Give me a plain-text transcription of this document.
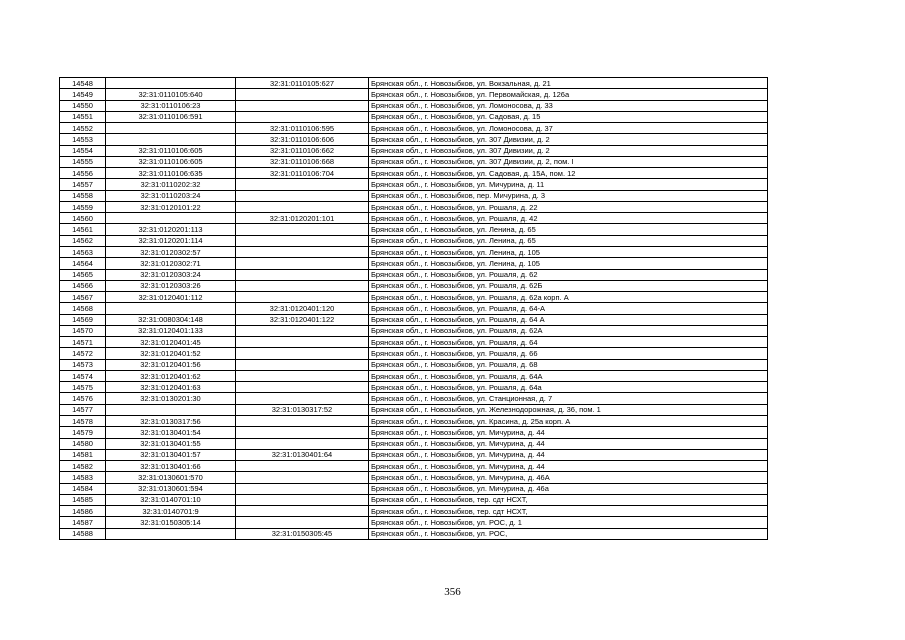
14548		32:31:0110105:627	Брянская обл., г. Новозыбков, ул. Вокзальная, д. 21
14549	32:31:0110105:640		Брянская обл., г. Новозыбков, ул. Первомайская, д. 126а
14550	32:31:0110106:23		Брянская обл., г. Новозыбков, ул. Ломоносова, д. 33
14551	32:31:0110106:591		Брянская обл., г. Новозыбков, ул. Садовая, д. 15
14552		32:31:0110106:595	Брянская обл., г. Новозыбков, ул. Ломоносова, д. 37
14553		32:31:0110106:606	Брянская обл., г. Новозыбков, ул. 307 Дивизии, д. 2
14554	32:31:0110106:605	32:31:0110106:662	Брянская обл., г. Новозыбков, ул. 307 Дивизии, д. 2
14555	32:31:0110106:605	32:31:0110106:668	Брянская обл., г. Новозыбков, ул. 307 Дивизии, д. 2, пом. I
14556	32:31:0110106:635	32:31:0110106:704	Брянская обл., г. Новозыбков, ул. Садовая, д. 15А, пом. 12
14557	32:31:0110202:32		Брянская обл., г. Новозыбков, ул. Мичурина, д. 11
14558	32:31:0110203:24		Брянская обл., г. Новозыбков, пер. Мичурина, д. 3
14559	32:31:0120101:22		Брянская обл., г. Новозыбков, ул. Рошаля, д. 22
14560		32:31:0120201:101	Брянская обл., г. Новозыбков, ул. Рошаля, д. 42
14561	32:31:0120201:113		Брянская обл., г. Новозыбков, ул. Ленина, д. 65
14562	32:31:0120201:114		Брянская обл., г. Новозыбков, ул. Ленина, д. 65
14563	32:31:0120302:57		Брянская обл., г. Новозыбков, ул. Ленина, д. 105
14564	32:31:0120302:71		Брянская обл., г. Новозыбков, ул. Ленина, д. 105
14565	32:31:0120303:24		Брянская обл., г. Новозыбков, ул. Рошаля, д. 62
14566	32:31:0120303:26		Брянская обл., г. Новозыбков, ул. Рошаля, д. 62Б
14567	32:31:0120401:112		Брянская обл., г. Новозыбков, ул. Рошаля, д. 62а корп. А
14568		32:31:0120401:120	Брянская обл., г. Новозыбков, ул. Рошаля, д. 64-А
14569	32:31:0080304:148	32:31:0120401:122	Брянская обл., г. Новозыбков, ул. Рошаля, д. 64 А
14570	32:31:0120401:133		Брянская обл., г. Новозыбков, ул. Рошаля, д. 62А
14571	32:31:0120401:45		Брянская обл., г. Новозыбков, ул. Рошаля, д. 64
14572	32:31:0120401:52		Брянская обл., г. Новозыбков, ул. Рошаля, д. 66
14573	32:31:0120401:56		Брянская обл., г. Новозыбков, ул. Рошаля, д. 68
14574	32:31:0120401:62		Брянская обл., г. Новозыбков, ул. Рошаля, д. 64А
14575	32:31:0120401:63		Брянская обл., г. Новозыбков, ул. Рошаля, д. 64а
14576	32:31:0130201:30		Брянская обл., г. Новозыбков, ул. Станционная, д. 7
14577		32:31:0130317:52	Брянская обл., г. Новозыбков, ул. Железнодорожная, д. 36, пом. 1
14578	32:31:0130317:56		Брянская обл., г. Новозыбков, ул. Красина, д. 25а корп. А
14579	32:31:0130401:54		Брянская обл., г. Новозыбков, ул. Мичурина, д. 44
14580	32:31:0130401:55		Брянская обл., г. Новозыбков, ул. Мичурина, д. 44
14581	32:31:0130401:57	32:31:0130401:64	Брянская обл., г. Новозыбков, ул. Мичурина, д. 44
14582	32:31:0130401:66		Брянская обл., г. Новозыбков, ул. Мичурина, д. 44
14583	32:31:0130601:570		Брянская обл., г. Новозыбков, ул. Мичурина, д. 46А
14584	32:31:0130601:594		Брянская обл., г. Новозыбков, ул. Мичурина, д. 46а
14585	32:31:0140701:10		Брянская обл., г. Новозыбков, тер. сдт НСХТ,
14586	32:31:0140701:9		Брянская обл., г. Новозыбков, тер. сдт НСХТ,
14587	32:31:0150305:14		Брянская обл., г. Новозыбков, ул. РОС, д. 1
14588		32:31:0150305:45	Брянская обл., г. Новозыбков, ул. РОС,
356
